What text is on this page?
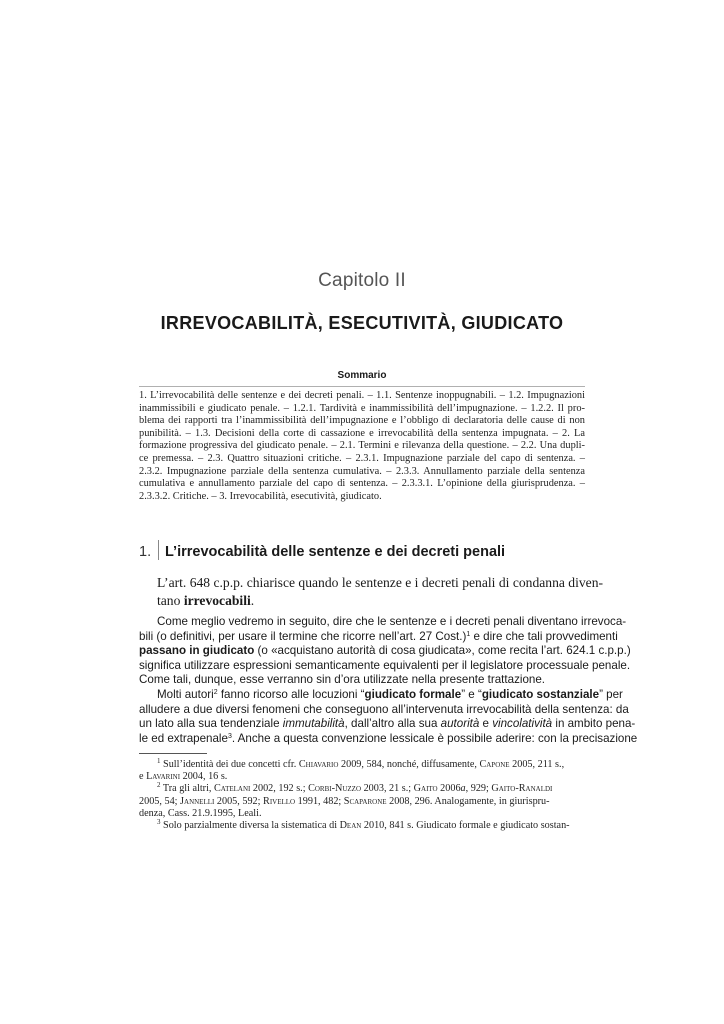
Capitolo II
IRREVOCABILITÀ, ESECUTIVITÀ, GIUDICATO
Sommario
1. L’irrevocabilità delle sentenze e dei decreti penali. – 1.1. Sentenze inoppugnabili. – 1.2. Impugnazioni
inammissibili e giudicato penale. – 1.2.1. Tardività e inammissibilità dell’impugnazione. – 1.2.2. Il pro-
blema dei rapporti tra l’inammissibilità dell’impugnazione e l’obbligo di declaratoria delle cause di non
punibilità. – 1.3. Decisioni della corte di cassazione e irrevocabilità della sentenza impugnata. – 2. La
formazione progressiva del giudicato penale. – 2.1. Termini e rilevanza della questione. – 2.2. Una dupli-
ce premessa. – 2.3. Quattro situazioni critiche. – 2.3.1. Impugnazione parziale del capo di sentenza. –
2.3.2. Impugnazione parziale della sentenza cumulativa. – 2.3.3. Annullamento parziale della sentenza
cumulativa e annullamento parziale del capo di sentenza. – 2.3.3.1. L’opinione della giurisprudenza. –
2.3.3.2. Critiche. – 3. Irrevocabilità, esecutività, giudicato.
1. L’irrevocabilità delle sentenze e dei decreti penali
L’art. 648 c.p.p. chiarisce quando le sentenze e i decreti penali di condanna diven-
tano irrevocabili.
Come meglio vedremo in seguito, dire che le sentenze e i decreti penali diventano irrevoca-
bili (o definitivi, per usare il termine che ricorre nell’art. 27 Cost.)$^1$ e dire che tali provvedimenti
passano in giudicato (o «acquistano autorità di cosa giudicata», come recita l’art. 624.1 c.p.p.)
significa utilizzare espressioni semanticamente equivalenti per il legislatore processuale penale.
Come tali, dunque, esse verranno sin d’ora utilizzate nella presente trattazione.
Molti autori$^2$ fanno ricorso alle locuzioni “giudicato formale” e “giudicato sostanziale” per
alludere a due diversi fenomeni che conseguono all’intervenuta irrevocabilità della sentenza: da
un lato alla sua tendenziale immutabilità, dall’altro alla sua autorità e vincolatività in ambito pena-
le ed extrapenale$^3$. Anche a questa convenzione lessicale è possibile aderire: con la precisazione
$^1$ Sull’identità dei due concetti cfr. Chiavario 2009, 584, nonché, diffusamente, Capone 2005, 211 s.,
e Lavarini 2004, 16 s.
$^2$ Tra gli altri, Catelani 2002, 192 s.; Corbi-Nuzzo 2003, 21 s.; Gaito 2006a, 929; Gaito-Ranaldi
2005, 54; Jannelli 2005, 592; Rivello 1991, 482; Scaparone 2008, 296. Analogamente, in giurispru-
denza, Cass. 21.9.1995, Leali.
$^3$ Solo parzialmente diversa la sistematica di Dean 2010, 841 s. Giudicato formale e giudicato sostan-
